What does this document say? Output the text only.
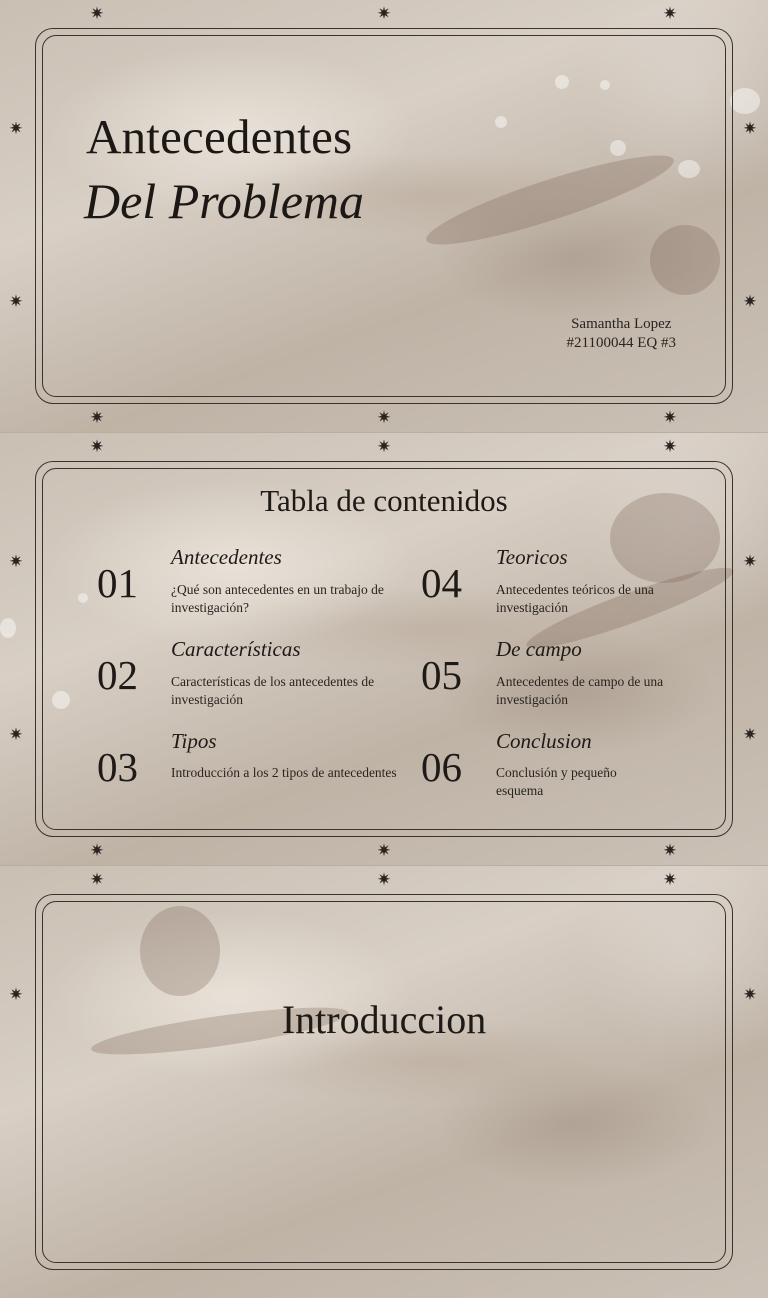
✷	✷	✷
✷	✷
✷	✷
✷	✷	✷
Antecedentes
Del Problema
Samantha Lopez
#21100044 EQ #3
✷	✷	✷
✷	✷
✷	✷
✷	✷	✷
Tabla de contenidos
01
Antecedentes
¿Qué son antecedentes en un trabajo de investigación?
02
Características
Características de los antecedentes de investigación
03
Tipos
Introducción a los 2 tipos de antecedentes
04
Teoricos
Antecedentes teóricos de una investigación
05
De campo
Antecedentes de campo de una investigación
06
Conclusion
Conclusión y pequeño esquema
✷	✷	✷
✷	✷
Introduccion
